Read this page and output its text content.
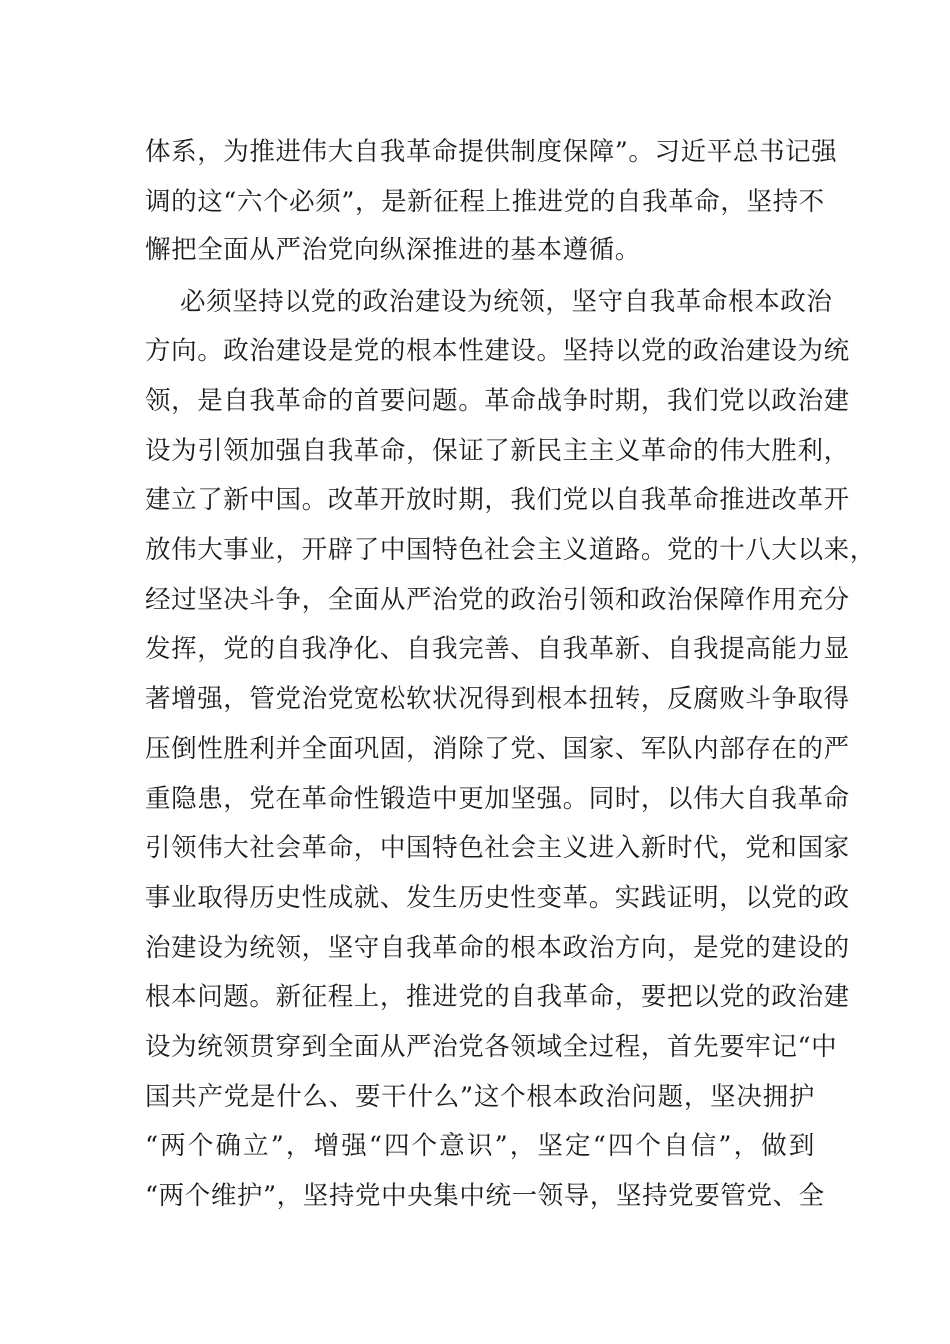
体系，为推进伟大自我革命提供制度保障”。习近平总书记强
调的这“六个必须”，是新征程上推进党的自我革命，坚持不
懈把全面从严治党向纵深推进的基本遵循。
必须坚持以党的政治建设为统领，坚守自我革命根本政治
方向。政治建设是党的根本性建设。坚持以党的政治建设为统
领，是自我革命的首要问题。革命战争时期，我们党以政治建
设为引领加强自我革命，保证了新民主主义革命的伟大胜利，
建立了新中国。改革开放时期，我们党以自我革命推进改革开
放伟大事业，开辟了中国特色社会主义道路。党的十八大以来，
经过坚决斗争，全面从严治党的政治引领和政治保障作用充分
发挥，党的自我净化、自我完善、自我革新、自我提高能力显
著增强，管党治党宽松软状况得到根本扭转，反腐败斗争取得
压倒性胜利并全面巩固，消除了党、国家、军队内部存在的严
重隐患，党在革命性锻造中更加坚强。同时，以伟大自我革命
引领伟大社会革命，中国特色社会主义进入新时代，党和国家
事业取得历史性成就、发生历史性变革。实践证明，以党的政
治建设为统领，坚守自我革命的根本政治方向，是党的建设的
根本问题。新征程上，推进党的自我革命，要把以党的政治建
设为统领贯穿到全面从严治党各领域全过程，首先要牢记“中
国共产党是什么、要干什么”这个根本政治问题，坚决拥护
“两个确立”，增强“四个意识”，坚定“四个自信”，做到
“两个维护”，坚持党中央集中统一领导，坚持党要管党、全
